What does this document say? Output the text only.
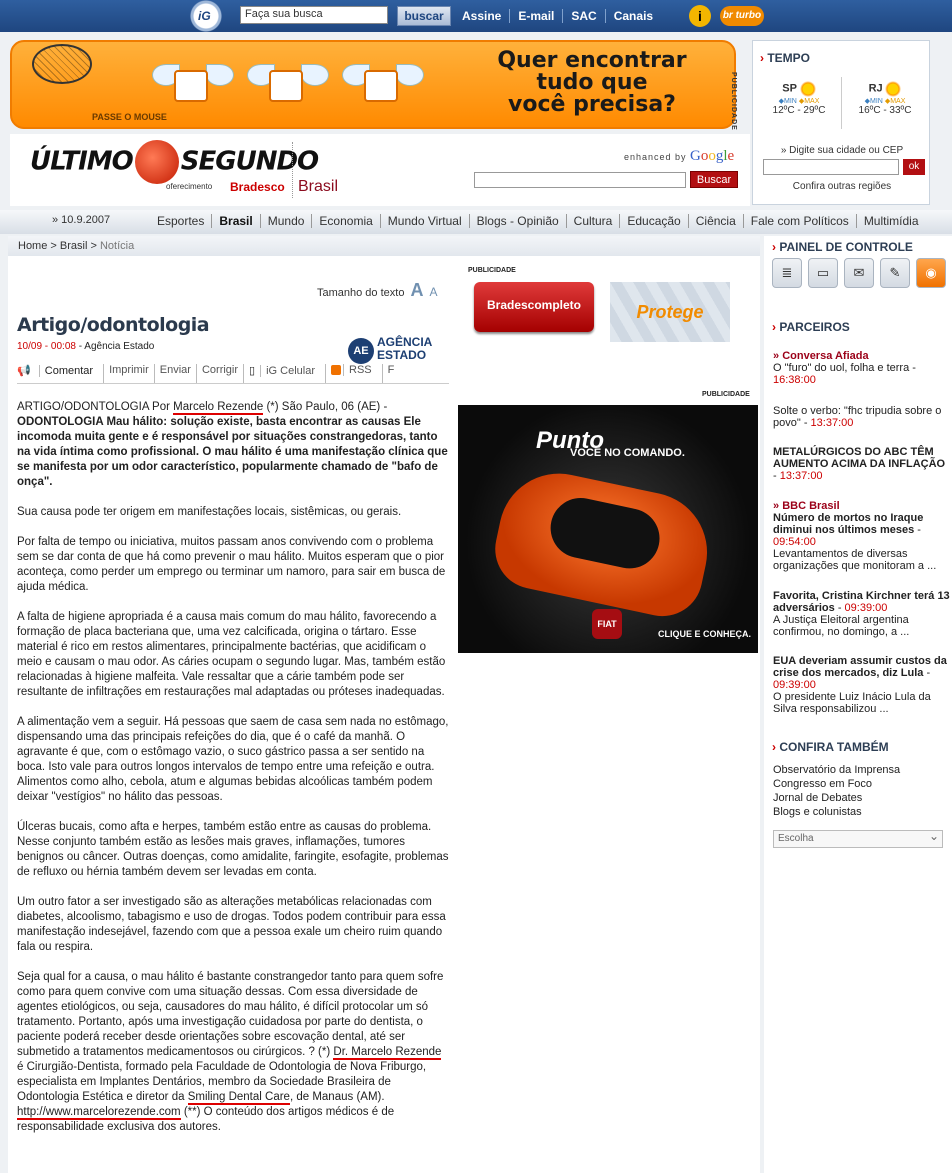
iG	Faça sua busca	buscar	Assine	E-mail	SAC	Canais	i	br turbo
PASSE O MOUSE
Quer encontrar
tudo que
você precisa?	PUBLICIDADE
ÚLTIMO SEGUNDO
oferecimento Bradesco Brasil
enhanced by Google
Buscar
› TEMPO
SP
◆MIN ◆MAX
12ºC - 29ºC
RJ
◆MIN ◆MAX
16ºC - 33ºC
» Digite sua cidade ou CEP
ok
Confira outras regiões
» 10.9.2007	Esportes	Brasil	Mundo	Economia	Mundo Virtual	Blogs - Opinião	Cultura	Educação	Ciência	Fale com Políticos	Multimídia
Home > Brasil > Notícia
Tamanho do texto A A
Artigo/odontologia
10/09 - 00:08 - Agência Estado	AE
AGÊNCIA
ESTADO
📢 Comentar	Imprimir	Enviar	Corrigir	▯ iG Celular	RSS	F

ARTIGO/ODONTOLOGIA Por Marcelo Rezende (*) São Paulo, 06 (AE) - ODONTOLOGIA Mau hálito: solução existe, basta encontrar as causas Ele incomoda muita gente e é responsável por situações constrangedoras, tanto na vida íntima como profissional. O mau hálito é uma manifestação clínica que se manifesta por um odor característico, popularmente chamado de "bafo de onça".

Sua causa pode ter origem em manifestações locais, sistêmicas, ou gerais.

Por falta de tempo ou iniciativa, muitos passam anos convivendo com o problema sem se dar conta de que há como prevenir o mau hálito. Muitos esperam que o pior aconteça, como perder um emprego ou terminar um namoro, para sair em busca de ajuda médica.

A falta de higiene apropriada é a causa mais comum do mau hálito, favorecendo a formação de placa bacteriana que, uma vez calcificada, origina o tártaro. Esse material é rico em restos alimentares, principalmente bactérias, que acidificam o meio e causam o mau odor. As cáries ocupam o segundo lugar. Mas, também estão relacionadas à higiene malfeita. Vale ressaltar que a cárie também pode ser resultante de infiltrações em restaurações mal adaptadas ou próteses inadequadas.

A alimentação vem a seguir. Há pessoas que saem de casa sem nada no estômago, dispensando uma das principais refeições do dia, que é o café da manhã. O agravante é que, com o estômago vazio, o suco gástrico passa a ser sentido na boca. Isto vale para outros longos intervalos de tempo entre uma refeição e outra. Alimentos como alho, cebola, atum e algumas bebidas alcoólicas também podem deixar "vestígios" no hálito das pessoas.

Úlceras bucais, como afta e herpes, também estão entre as causas do problema. Nesse conjunto também estão as lesões mais graves, inflamações, tumores benignos ou câncer. Outras doenças, como amidalite, faringite, esofagite, problemas de refluxo ou hérnia também devem ser levadas em conta.

Um outro fator a ser investigado são as alterações metabólicas relacionadas com diabetes, alcoolismo, tabagismo e uso de drogas. Todos podem contribuir para essa manifestação indesejável, fazendo com que a pessoa exale um cheiro ruim quando fala ou respira.

Seja qual for a causa, o mau hálito é bastante constrangedor tanto para quem sofre como para quem convive com uma situação dessas. Com essa diversidade de agentes etiológicos, ou seja, causadores do mau hálito, é difícil protocolar um só tratamento. Portanto, após uma investigação cuidadosa por parte do dentista, o paciente poderá receber desde orientações sobre escovação dental, até ser submetido a tratamentos medicamentosos ou cirúrgicos. ? (*) Dr. Marcelo Rezende é Cirurgião-Dentista, formado pela Faculdade de Odontologia de Nova Friburgo, especialista em Implantes Dentários, membro da Sociedade Brasileira de Odontologia Estética e diretor da Smiling Dental Care, de Manaus (AM). http://www.marcelorezende.com (**) O conteúdo dos artigos médicos é de responsabilidade exclusiva dos autores.

PUBLICIDADE
Bradescompleto	Protege
PUBLICIDADE
Punto
VOCÊ NO COMANDO.
FIAT
CLIQUE E CONHEÇA.
› PAINEL DE CONTROLE
≣	▭	✉	✎	◉
› PARCEIROS
» Conversa Afiada
O "furo" do uol, folha e terra - 16:38:00
Solte o verbo: "fhc tripudia sobre o povo" - 13:37:00
METALÚRGICOS DO ABC TÊM AUMENTO ACIMA DA INFLAÇÃO - 13:37:00
» BBC Brasil
Número de mortos no Iraque diminui nos últimos meses - 09:54:00
Levantamentos de diversas organizações que monitoram a ...
Favorita, Cristina Kirchner terá 13 adversários - 09:39:00
A Justiça Eleitoral argentina confirmou, no domingo, a ...
EUA deveriam assumir custos da crise dos mercados, diz Lula - 09:39:00
O presidente Luiz Inácio Lula da Silva responsabilizou ...
› CONFIRA TAMBÉM
Observatório da Imprensa
Congresso em Foco
Jornal de Debates
Blogs e colunistas
Escolha ⌄
